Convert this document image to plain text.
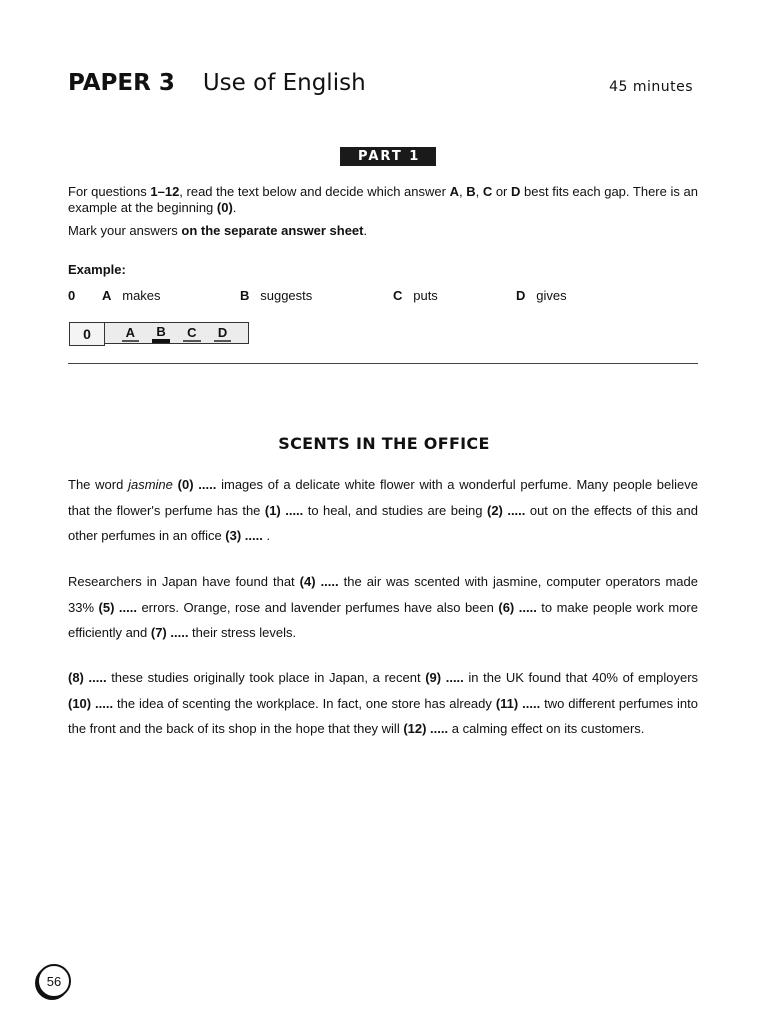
PAPER 3 Use of English	45 minutes
PART 1
For questions 1–12, read the text below and decide which answer A, B, C or D best fits each gap. There is an example at the beginning (0).
Mark your answers on the separate answer sheet.
Example:
0 A makes	B suggests	C puts	D gives
0	A	B	C	D
SCENTS IN THE OFFICE
The word jasmine (0) ..... images of a delicate white flower with a wonderful perfume. Many people believe that the flower's perfume has the (1) ..... to heal, and studies are being (2) ..... out on the effects of this and other perfumes in an office (3) ..... .
Researchers in Japan have found that (4) ..... the air was scented with jasmine, computer operators made 33% (5) ..... errors. Orange, rose and lavender perfumes have also been (6) ..... to make people work more efficiently and (7) ..... their stress levels.
(8) ..... these studies originally took place in Japan, a recent (9) ..... in the UK found that 40% of employers (10) ..... the idea of scenting the workplace. In fact, one store has already (11) ..... two different perfumes into the front and the back of its shop in the hope that they will (12) ..... a calming effect on its customers.
56
